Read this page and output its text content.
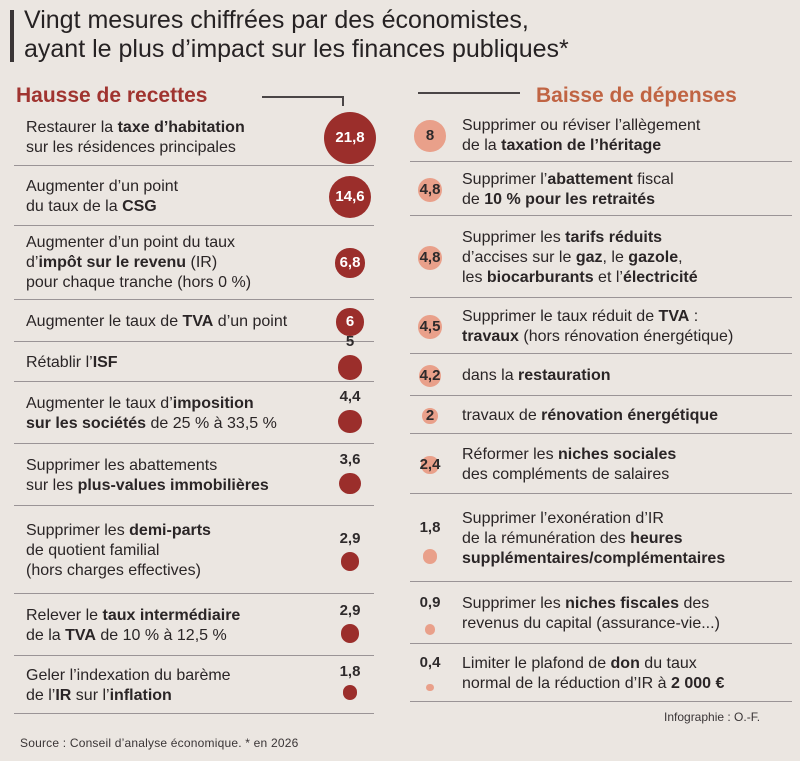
Vingt mesures chiffrées par des économistes,
ayant le plus d’impact sur les finances publiques*
Hausse de recettes	Baisse de dépenses
Restaurer la taxe d’habitation
sur les résidences principales
21,8
Augmenter d’un point
du taux de la CSG
14,6
Augmenter d’un point du taux
d’impôt sur le revenu (IR)
pour chaque tranche (hors 0 %)
6,8
Augmenter le taux de TVA d’un point	6
Rétablir l’ISF
5
Augmenter le taux d’imposition
sur les sociétés de 25 % à 33,5 %
4,4
Supprimer les abattements
sur les plus-values immobilières
3,6
Supprimer les demi-parts
de quotient familial
(hors charges effectives)
2,9
Relever le taux intermédiaire
de la TVA de 10 % à 12,5 %
2,9
Geler l’indexation du barème
de l’IR sur l’inflation
1,8
Supprimer ou réviser l’allègement
de la taxation de l’héritage
8
Supprimer l’abattement fiscal
de 10 % pour les retraités
4,8
Supprimer les tarifs réduits
d’accises sur le gaz, le gazole,
les biocarburants et l’électricité
4,8
Supprimer le taux réduit de TVA :
travaux (hors rénovation énergétique)
4,5
dans la restauration
4,2
travaux de rénovation énergétique
2
Réformer les niches sociales
des compléments de salaires
2,4
Supprimer l’exonération d’IR
de la rémunération des heures
supplémentaires/complémentaires
1,8
Supprimer les niches fiscales des
revenus du capital (assurance-vie...)
0,9
Limiter le plafond de don du taux
normal de la réduction d’IR à 2 000 €
0,4
Infographie : O.-F.
Source : Conseil d’analyse économique. * en 2026
